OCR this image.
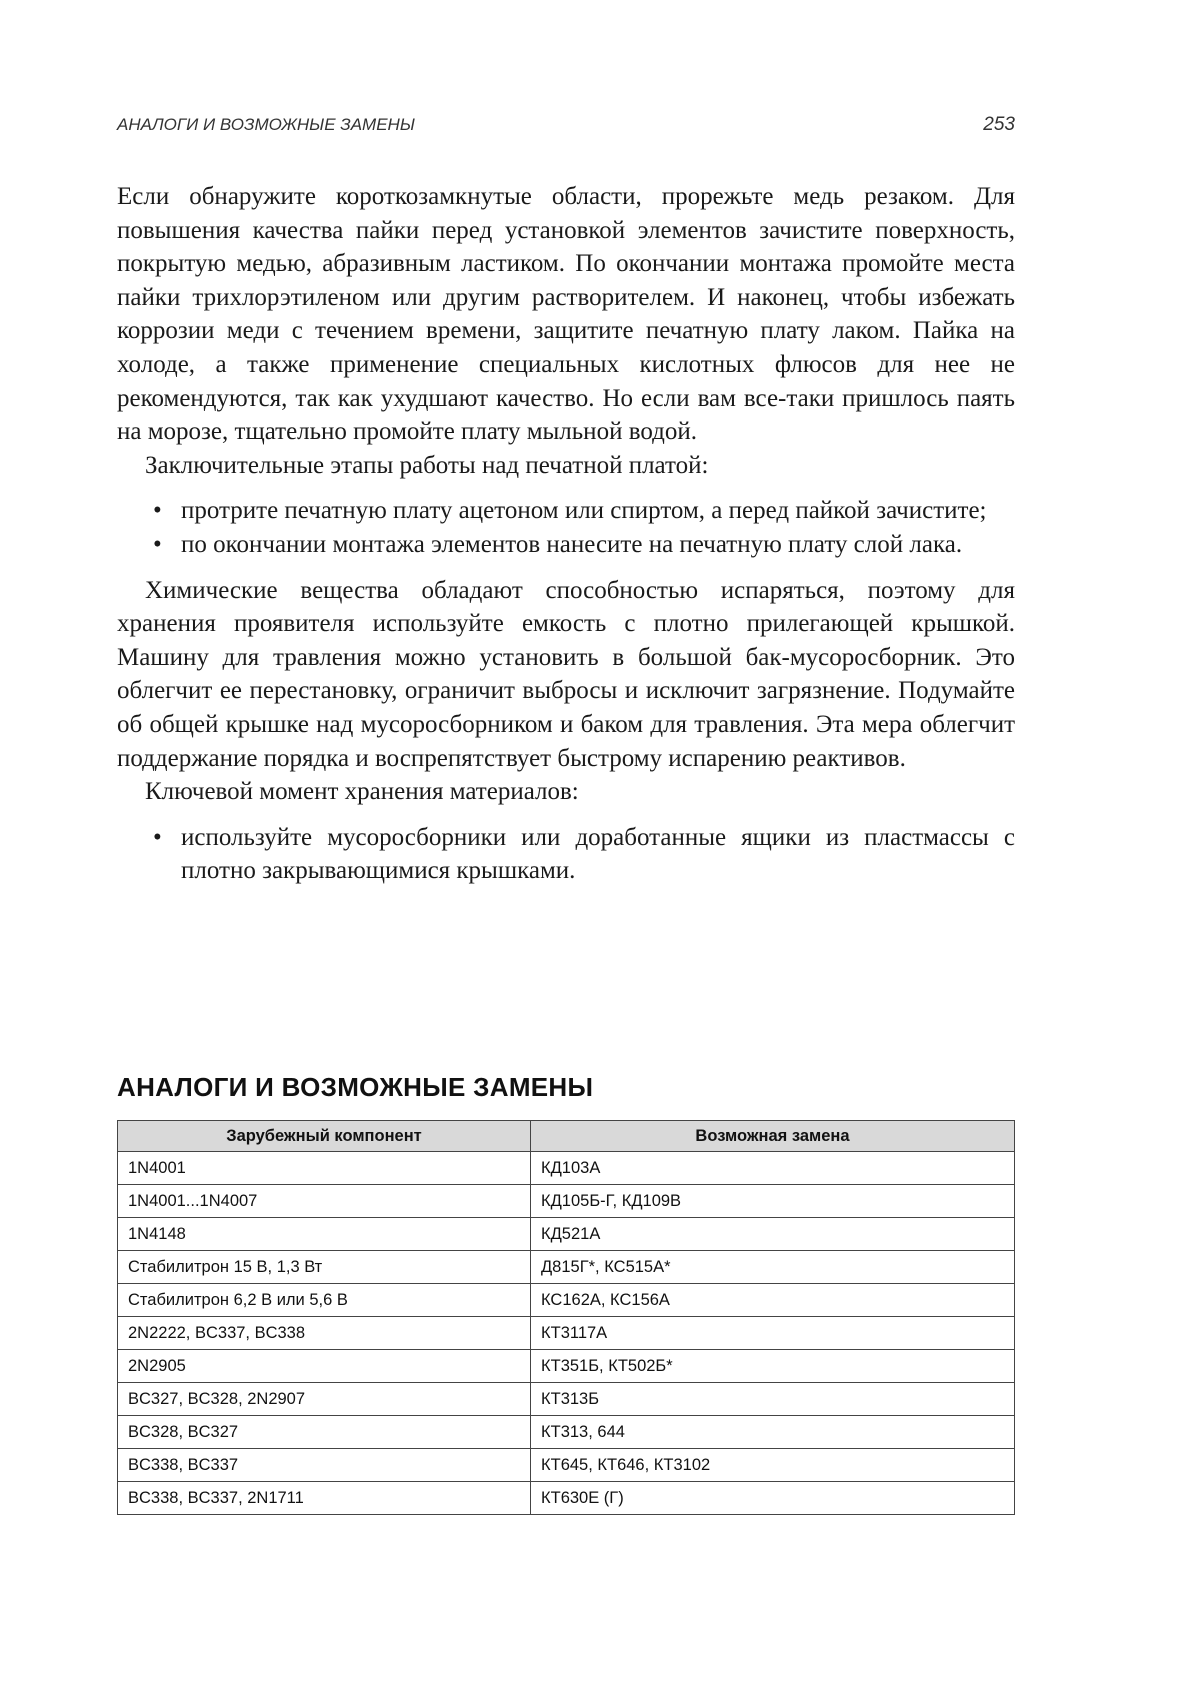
АНАЛОГИ И ВОЗМОЖНЫЕ ЗАМЕНЫ	253

Если обнаружите короткозамкнутые области, прорежьте медь резаком. Для повышения качества пайки перед установкой элементов зачистите поверхность, покрытую медью, абразивным ластиком. По окончании монтажа промойте места пайки трихлорэтиленом или другим растворителем. И наконец, чтобы избежать коррозии меди с течением времени, защитите печатную плату лаком. Пайка на холоде, а также применение специальных кислотных флюсов для нее не рекомендуются, так как ухудшают качество. Но если вам все-таки пришлось паять на морозе, тщательно промойте плату мыльной водой.

Заключительные этапы работы над печатной платой:

• протрите печатную плату ацетоном или спиртом, а перед пайкой зачистите;
• по окончании монтажа элементов нанесите на печатную плату слой лака.

Химические вещества обладают способностью испаряться, поэтому для хранения проявителя используйте емкость с плотно прилегающей крышкой. Машину для травления можно установить в большой бак-мусоросборник. Это облегчит ее перестановку, ограничит выбросы и исключит загрязнение. Подумайте об общей крышке над мусоросборником и баком для травления. Эта мера облегчит поддержание порядка и воспрепятствует быстрому испарению реактивов.

Ключевой момент хранения материалов:

• используйте мусоросборники или доработанные ящики из пластмассы с плотно закрывающимися крышками.
АНАЛОГИ И ВОЗМОЖНЫЕ ЗАМЕНЫ
Зарубежный компонент	Возможная замена
1N4001	КД103А
1N4001...1N4007	КД105Б-Г, КД109В
1N4148	КД521А
Стабилитрон 15 В, 1,3 Вт	Д815Г*, КС515А*
Стабилитрон 6,2 В или 5,6 В	КС162А, КС156А
2N2222, BC337, BC338	КТ3117А
2N2905	КТ351Б, КТ502Б*
BC327, BC328, 2N2907	КТ313Б
BC328, BC327	КТ313, 644
BC338, BC337	КТ645, КТ646, КТ3102
BC338, BC337, 2N1711	КТ630Е (Г)
